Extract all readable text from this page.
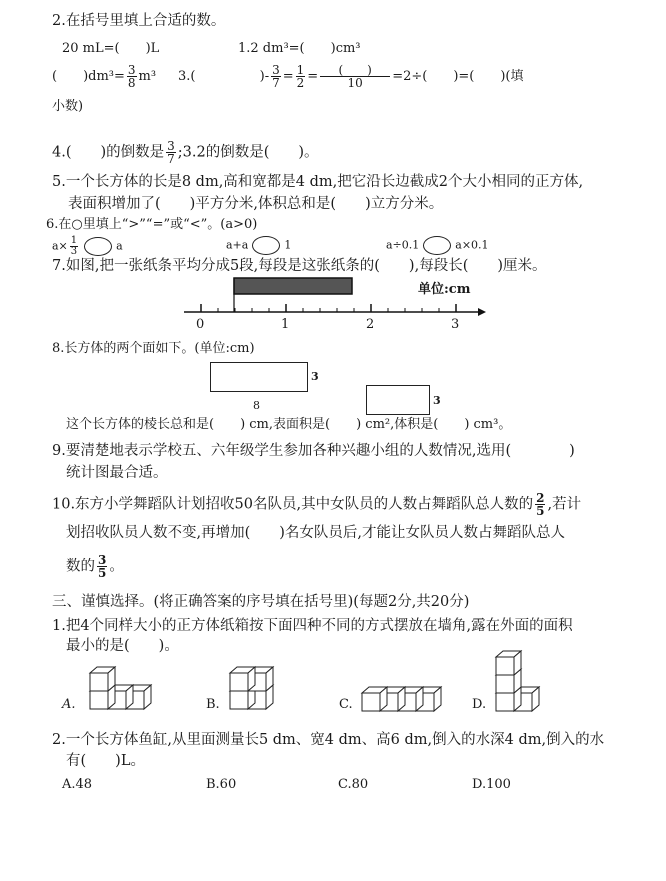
2.在括号里填上合适的数。
20 mL=(　　)L	1.2 dm³=(　　)cm³
(　　)$dm^3= \frac{3}{8} m^3$ 3.(　　	)- $\frac{3}{7} = \frac{1}{2} = \frac{( )}{10} =2\div$(　　)=(　　)(填
小数)
4.(　　)的倒数是 $\frac{3}{7}$ ;3.2的倒数是(　　)。
5.一个长方体的长是8 dm,高和宽都是4 dm,把它沿长边截成2个大小相同的正方体,
表面积增加了(　　)平方分米,体积总和是(　　)立方分米。
6.在○里填上“>”“=”或“<”。(a>0)
$a\times \frac{1}{3}$	a	a+a	1	a÷0.1	a×0.1
7.如图,把一张纸条平均分成5段,每段是这张纸条的(　　),每段长(　　)厘米。
单位:cm
0	1	2	3
8.长方体的两个面如下。(单位:cm)
3
8	3
这个长方体的棱长总和是(　　) cm,表面积是(　　) cm²,体积是(　　) cm³。
9.要清楚地表示学校五、六年级学生参加各种兴趣小组的人数情况,选用(　　　　)
统计图最合适。
10.东方小学舞蹈队计划招收50名队员,其中女队员的人数占舞蹈队总人数的 $\frac{2}{5}$ ,若计
划招收队员人数不变,再增加(　　)名女队员后,才能让女队员人数占舞蹈队总人
数的 $\frac{3}{5}$ 。
三、谨慎选择。(将正确答案的序号填在括号里)(每题2分,共20分)
1.把4个同样大小的正方体纸箱按下面四种不同的方式摆放在墙角,露在外面的面积
最小的是(　　)。
A.	B.	C.	D.
2.一个长方体鱼缸,从里面测量长5 dm、宽4 dm、高6 dm,倒入的水深4 dm,倒入的水
有(　　)L。
A.48	B.60	C.80	D.100
